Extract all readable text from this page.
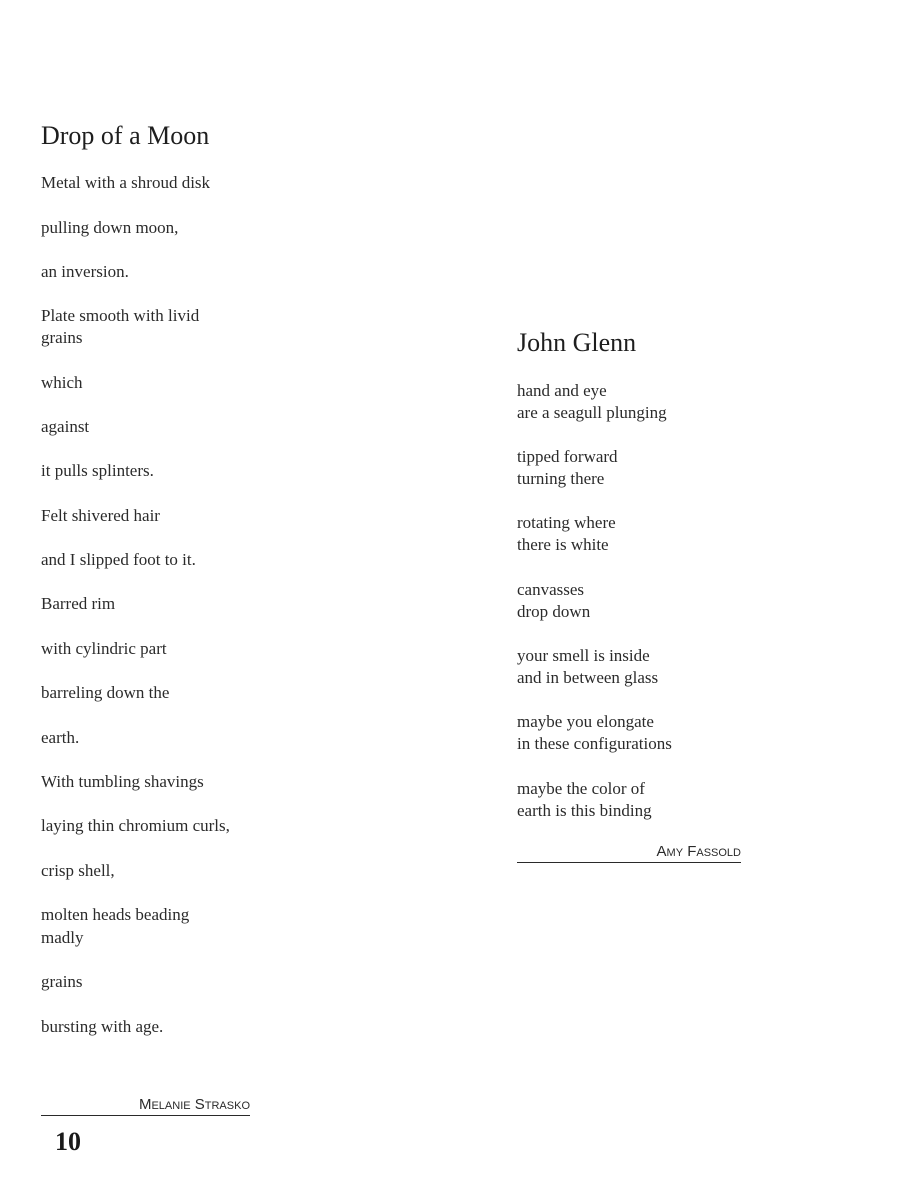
Drop of a Moon

Metal with a shroud disk

pulling down moon,

an inversion.

Plate smooth with livid

grains

which

against

it pulls splinters.

Felt shivered hair

and I slipped foot to it.

Barred rim

with cylindric part

barreling down the

earth.

With tumbling shavings

laying thin chromium curls,

crisp shell,

molten heads beading

madly

grains

bursting with age.

Melanie Strasko
John Glenn

hand and eye

are a seagull plunging

tipped forward

turning there

rotating where

there is white

canvasses

drop down

your smell is inside

and in between glass

maybe you elongate

in these configurations

maybe the color of

earth is this binding

Amy Fassold
10
